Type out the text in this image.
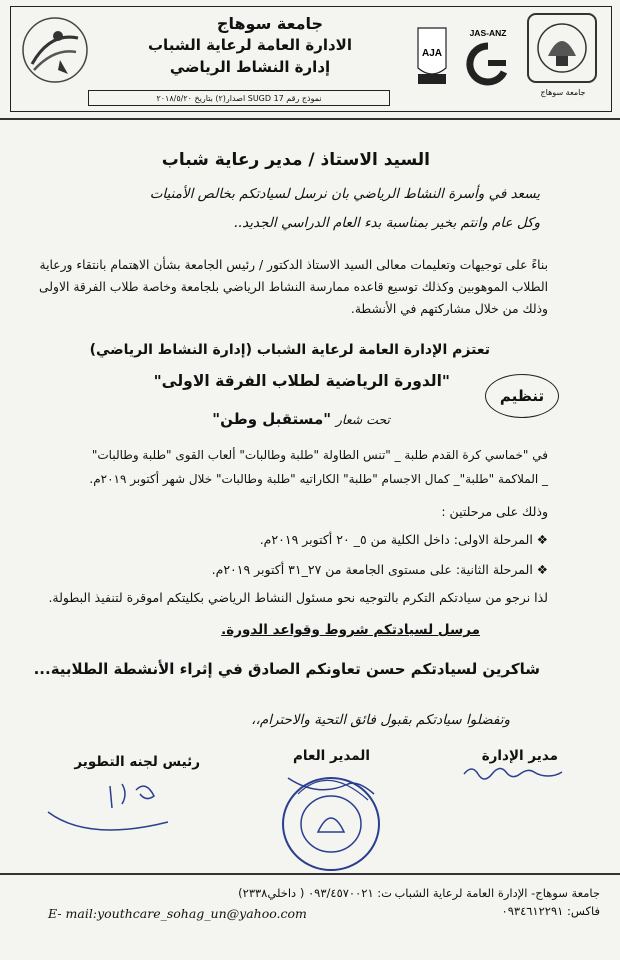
جامعة سوهاج
الادارة العامة لرعاية الشباب
إدارة النشاط الرياضي
AJA
JAS-ANZ
جامعة سوهاج
نموذج رقم SUGD 17 اصدار(٢) بتاريخ ٢٠١٨/٥/٢٠
السيد الاستاذ / مدير رعاية شباب
يسعد في وأسرة النشاط الرياضي بان نرسل لسيادتكم بخالص الأمنيات
وكل عام وانتم بخير بمناسبة بدء العام الدراسي الجديد..
بناءً على توجيهات وتعليمات معالى السيد الاستاذ الدكتور / رئيس الجامعة بشأن الاهتمام بانتقاء ورعاية الطلاب الموهوبين وكذلك توسيع قاعده ممارسة النشاط الرياضي بلجامعة وخاصة طلاب الفرقة الاولى وذلك من خلال مشاركتهم في الأنشطة.
تعتزم الإدارة العامة لرعاية الشباب (إدارة النشاط الرياضي)
تنظيم
"الدورة الرياضية لطلاب الفرقة الاولى"
تحت شعار "مستقبل وطن"
في "خماسي كرة القدم طلبة _ "تنس الطاولة "طلبة وطالبات" ألعاب القوى "طلبة وطالبات"
_ الملاكمة "طلبة"_ كمال الاجسام "طلبة" الكاراتيه "طلبة وطالبات" خلال شهر أكتوبر ٢٠١٩م.
وذلك على مرحلتين :
❖ المرحلة الاولى: داخل الكلية من ٥_ ٢٠ أكتوبر ٢٠١٩م.
❖ المرحلة الثانية: على مستوى الجامعة من ٢٧_٣١ أكتوبر ٢٠١٩م.
لذا نرجو من سيادتكم التكرم بالتوجيه نحو مسئول النشاط الرياضي بكليتكم اموقرة لتنفيذ البطولة.
مرسل لسيادتكم شروط وقواعد الدورة.
شاكرين لسيادتكم حسن تعاونكم الصادق في إثراء الأنشطة الطلابية...
وتفضلوا سيادتكم بقبول فائق التحية والاحترام،،
مدير الإدارة
المدير العام
رئيس لجنه التطوير
جامعة سوهاج- الإدارة العامة لرعاية الشباب
ت: ٠٩٣/٤٥٧٠٠٢١ ( داخلي٢٣٣٨)
E- mail:youthcare_sohag_un@yahoo.com	فاكس: ٠٩٣٤٦١٢٢٩١
